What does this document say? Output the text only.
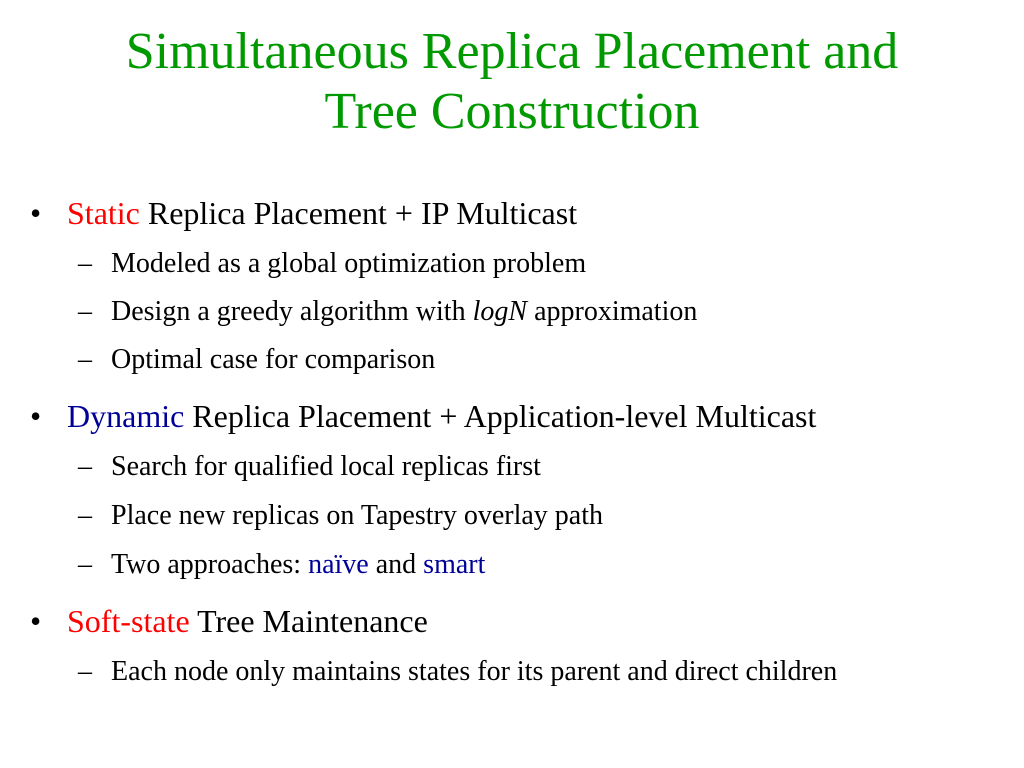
Simultaneous Replica Placement and
Tree Construction
• Static Replica Placement + IP Multicast
– Modeled as a global optimization problem
– Design a greedy algorithm with logN approximation
– Optimal case for comparison
• Dynamic Replica Placement + Application-level Multicast
– Search for qualified local replicas first
– Place new replicas on Tapestry overlay path
– Two approaches: naïve and smart
• Soft-state Tree Maintenance
– Each node only maintains states for its parent and direct children
